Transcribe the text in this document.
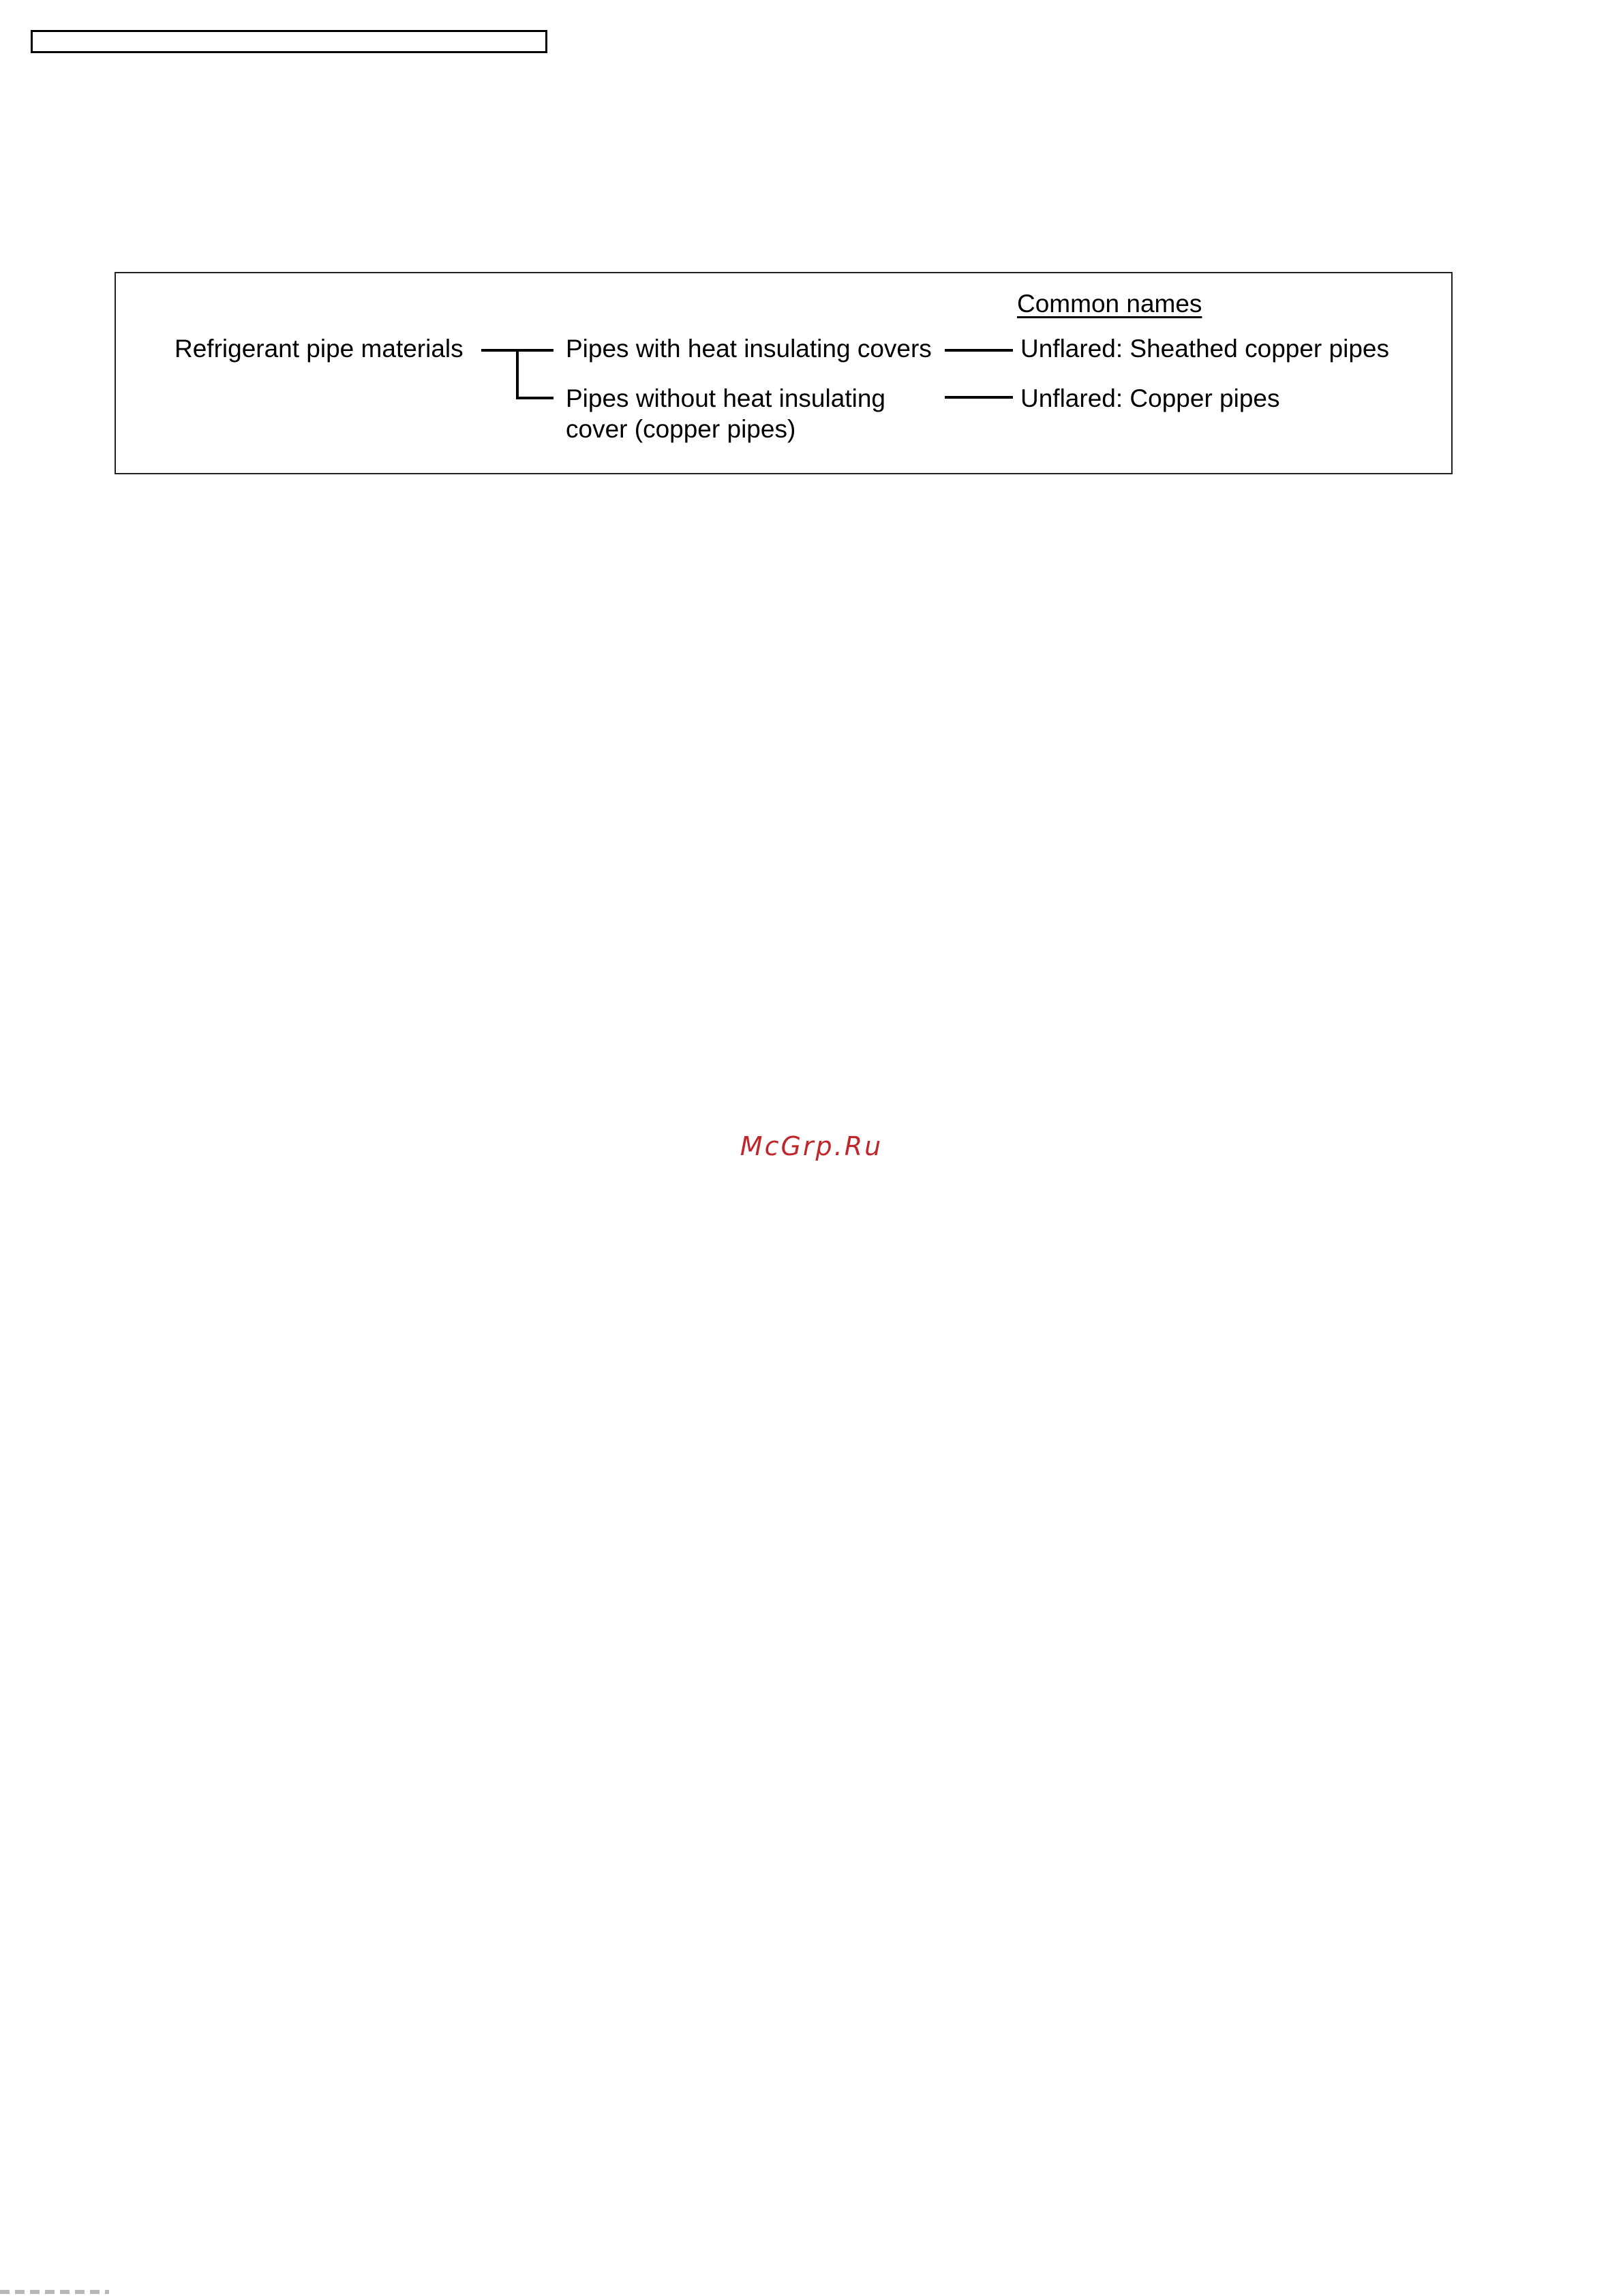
Refrigerant pipe materials
Common names
Pipes with heat insulating covers
Pipes without heat insulating
cover (copper pipes)
Unflared: Sheathed copper pipes
Unflared: Copper pipes
McGrp.Ru
